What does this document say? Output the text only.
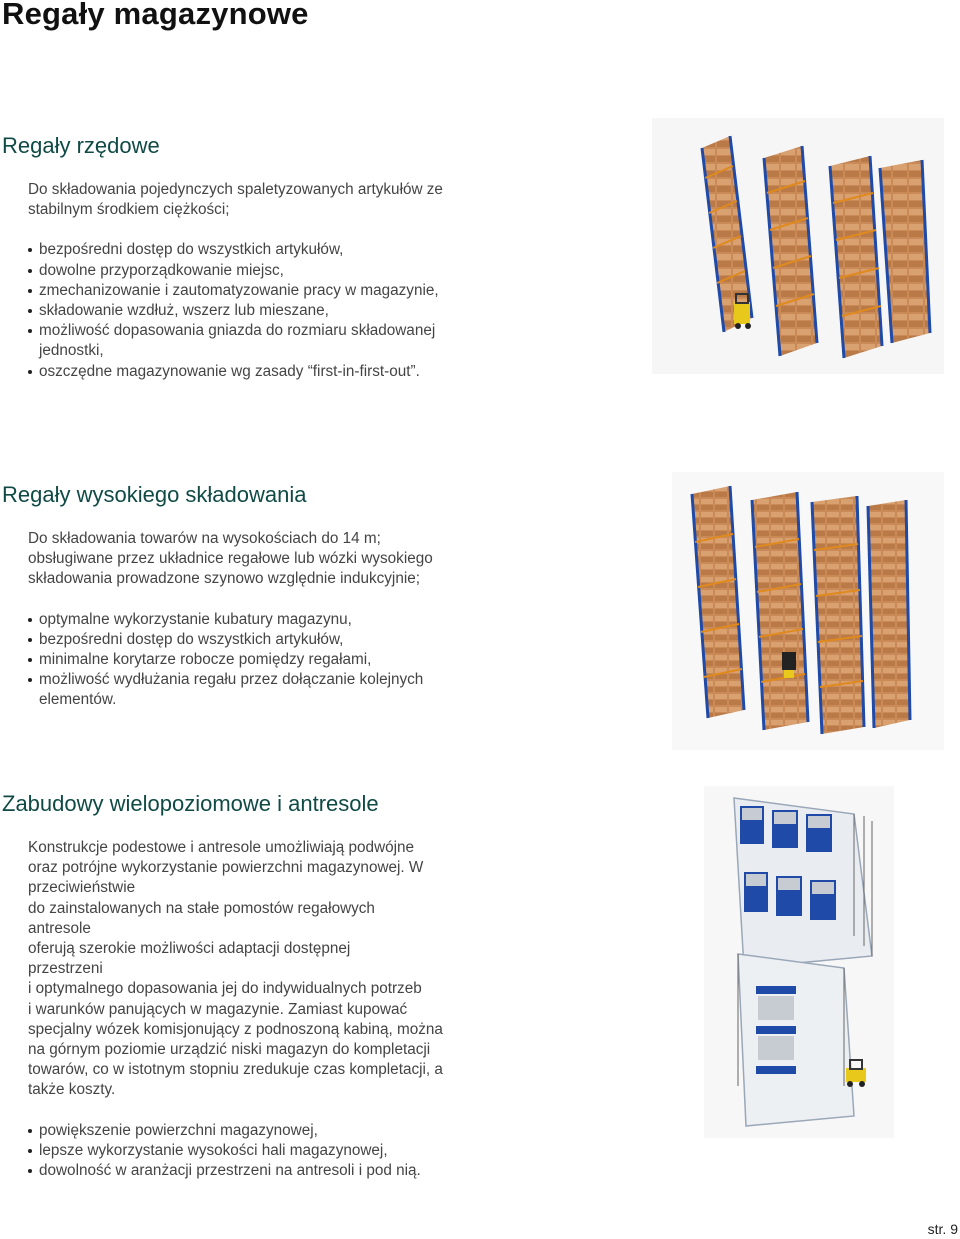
Regały magazynowe
Regały rzędowe

Do składowania pojedynczych spaletyzowanych artykułów ze
stabilnym środkiem ciężkości;

bezpośredni dostęp do wszystkich artykułów,
dowolne przyporządkowanie miejsc,
zmechanizowanie i zautomatyzowanie pracy w magazynie,
składowanie wzdłuż, wszerz lub mieszane,
możliwość dopasowania gniazda do rozmiaru składowanej
jednostki,
oszczędne magazynowanie wg zasady “first-in-first-out”.
Regały wysokiego składowania

Do składowania towarów na wysokościach do 14 m;
obsługiwane przez układnice regałowe lub wózki wysokiego
składowania prowadzone szynowo względnie indukcyjnie;

optymalne wykorzystanie kubatury magazynu,
bezpośredni dostęp do wszystkich artykułów,
minimalne korytarze robocze pomiędzy regałami,
możliwość wydłużania regału przez dołączanie kolejnych
elementów.
Zabudowy wielopoziomowe i antresole

Konstrukcje podestowe i antresole umożliwiają podwójne
oraz potrójne wykorzystanie powierzchni magazynowej. W
przeciwieństwie
do zainstalowanych na stałe pomostów regałowych
antresole
oferują szerokie możliwości adaptacji dostępnej
przestrzeni
i optymalnego dopasowania jej do indywidualnych potrzeb
i warunków panujących w magazynie. Zamiast kupować
specjalny wózek komisjonujący z podnoszoną kabiną, można
na górnym poziomie urządzić niski magazyn do kompletacji
towarów, co w istotnym stopniu zredukuje czas kompletacji, a
także koszty.

powiększenie powierzchni magazynowej,
lepsze wykorzystanie wysokości hali magazynowej,
dowolność w aranżacji przestrzeni na antresoli i pod nią.
str. 9
